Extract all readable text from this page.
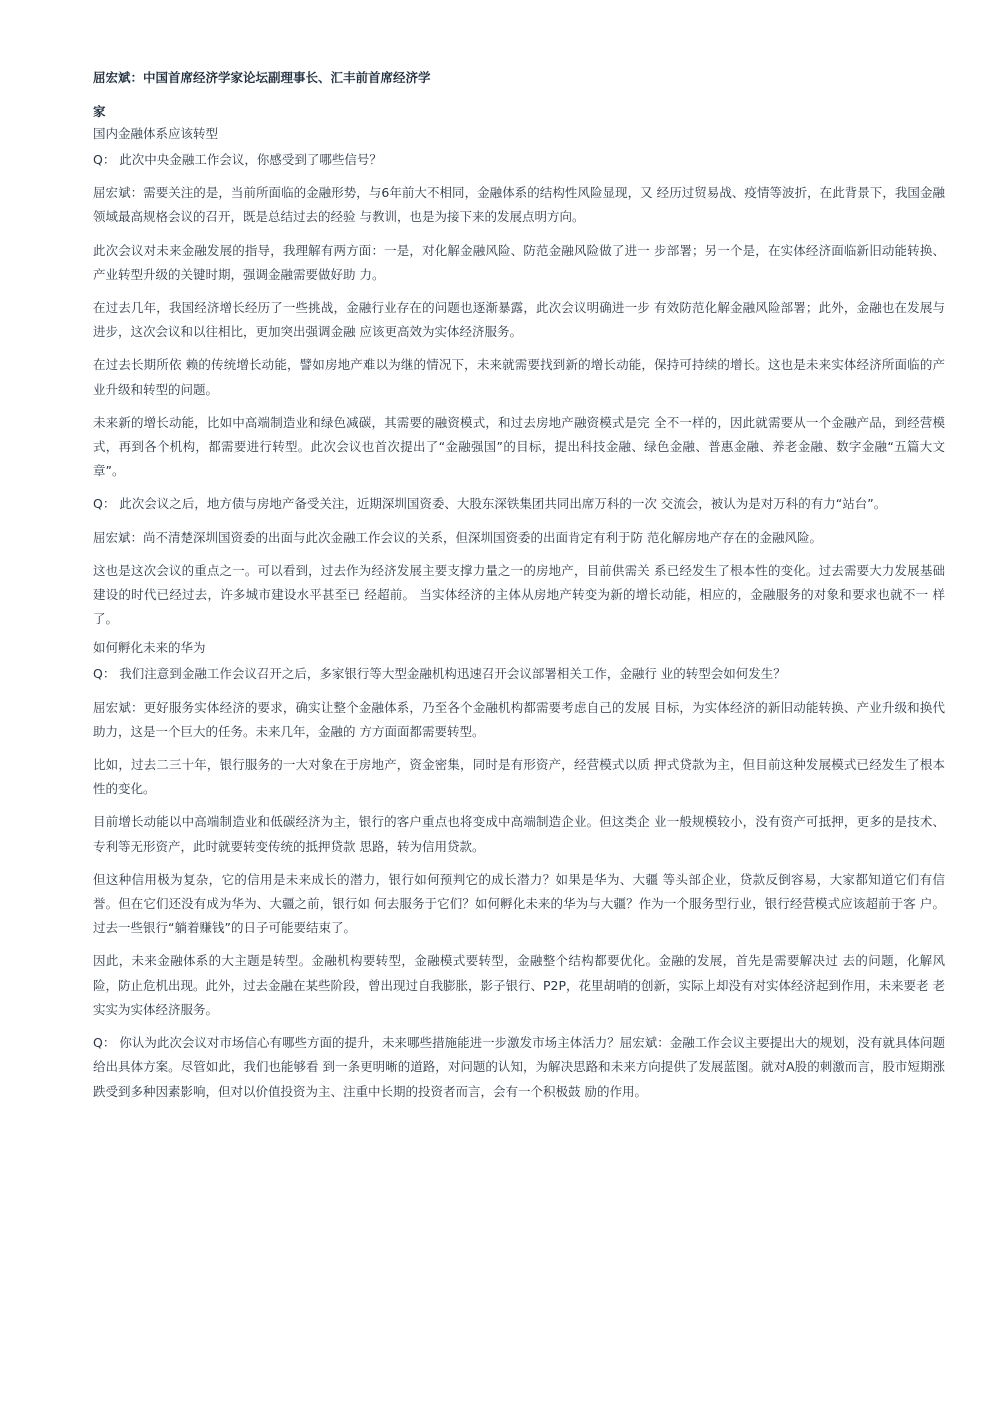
屈宏斌：中国首席经济学家论坛副理事长、汇丰前首席经济学
家
国内金融体系应该转型

Q： 此次中央金融工作会议，你感受到了哪些信号？

屈宏斌：需要关注的是，当前所面临的金融形势，与6年前大不相同，金融体系的结构性风险显现，又 经历过贸易战、疫情等波折，在此背景下，我国金融领域最高规格会议的召开，既是总结过去的经验 与教训，也是为接下来的发展点明方向。

此次会议对未来金融发展的指导，我理解有两方面：一是，对化解金融风险、防范金融风险做了进一 步部署；另一个是，在实体经济面临新旧动能转换、产业转型升级的关键时期，强调金融需要做好助 力。

在过去几年，我国经济增长经历了一些挑战，金融行业存在的问题也逐渐暴露，此次会议明确进一步 有效防范化解金融风险部署；此外，金融也在发展与进步，这次会议和以往相比，更加突出强调金融 应该更高效为实体经济服务。

在过去长期所依 赖的传统增长动能，譬如房地产难以为继的情况下，未来就需要找到新的增长动能，保持可持续的增长。这也是未来实体经济所面临的产业升级和转型的问题。

未来新的增长动能，比如中高端制造业和绿色减碳，其需要的融资模式，和过去房地产融资模式是完 全不一样的，因此就需要从一个金融产品，到经营模式，再到各个机构，都需要进行转型。此次会议也首次提出了“金融强国”的目标，提出科技金融、绿色金融、普惠金融、养老金融、数字金融“五篇大文章”。

Q： 此次会议之后，地方债与房地产备受关注，近期深圳国资委、大股东深铁集团共同出席万科的一次 交流会，被认为是对万科的有力“站台”。

屈宏斌：尚不清楚深圳国资委的出面与此次金融工作会议的关系，但深圳国资委的出面肯定有利于防 范化解房地产存在的金融风险。

这也是这次会议的重点之一。可以看到，过去作为经济发展主要支撑力量之一的房地产，目前供需关 系已经发生了根本性的变化。过去需要大力发展基础建设的时代已经过去，许多城市建设水平甚至已 经超前。 当实体经济的主体从房地产转变为新的增长动能，相应的，金融服务的对象和要求也就不一 样了。

如何孵化未来的华为

Q： 我们注意到金融工作会议召开之后，多家银行等大型金融机构迅速召开会议部署相关工作，金融行 业的转型会如何发生？

屈宏斌：更好服务实体经济的要求，确实让整个金融体系，乃至各个金融机构都需要考虑自己的发展 目标，为实体经济的新旧动能转换、产业升级和换代助力，这是一个巨大的任务。未来几年，金融的 方方面面都需要转型。

比如，过去二三十年，银行服务的一大对象在于房地产，资金密集，同时是有形资产，经营模式以质 押式贷款为主，但目前这种发展模式已经发生了根本性的变化。

目前增长动能以中高端制造业和低碳经济为主，银行的客户重点也将变成中高端制造企业。但这类企 业一般规模较小，没有资产可抵押，更多的是技术、专利等无形资产，此时就要转变传统的抵押贷款 思路，转为信用贷款。

但这种信用极为复杂，它的信用是未来成长的潜力，银行如何预判它的成长潜力？如果是华为、大疆 等头部企业，贷款反倒容易，大家都知道它们有信誉。但在它们还没有成为华为、大疆之前，银行如 何去服务于它们？如何孵化未来的华为与大疆？作为一个服务型行业，银行经营模式应该超前于客 户。过去一些银行“躺着赚钱”的日子可能要结束了。

因此，未来金融体系的大主题是转型。金融机构要转型，金融模式要转型，金融整个结构都要优化。金融的发展，首先是需要解决过 去的问题，化解风险，防止危机出现。此外，过去金融在某些阶段，曾出现过自我膨胀，影子银行、P2P，花里胡哨的创新，实际上却没有对实体经济起到作用，未来要老 老实实为实体经济服务。

Q： 你认为此次会议对市场信心有哪些方面的提升，未来哪些措施能进一步激发市场主体活力？屈宏斌：金融工作会议主要提出大的规划，没有就具体问题给出具体方案。尽管如此，我们也能够看 到一条更明晰的道路，对问题的认知，为解决思路和未来方向提供了发展蓝图。就对A股的刺激而言，股市短期涨跌受到多种因素影响，但对以价值投资为主、注重中长期的投资者而言，会有一个积极鼓 励的作用。
